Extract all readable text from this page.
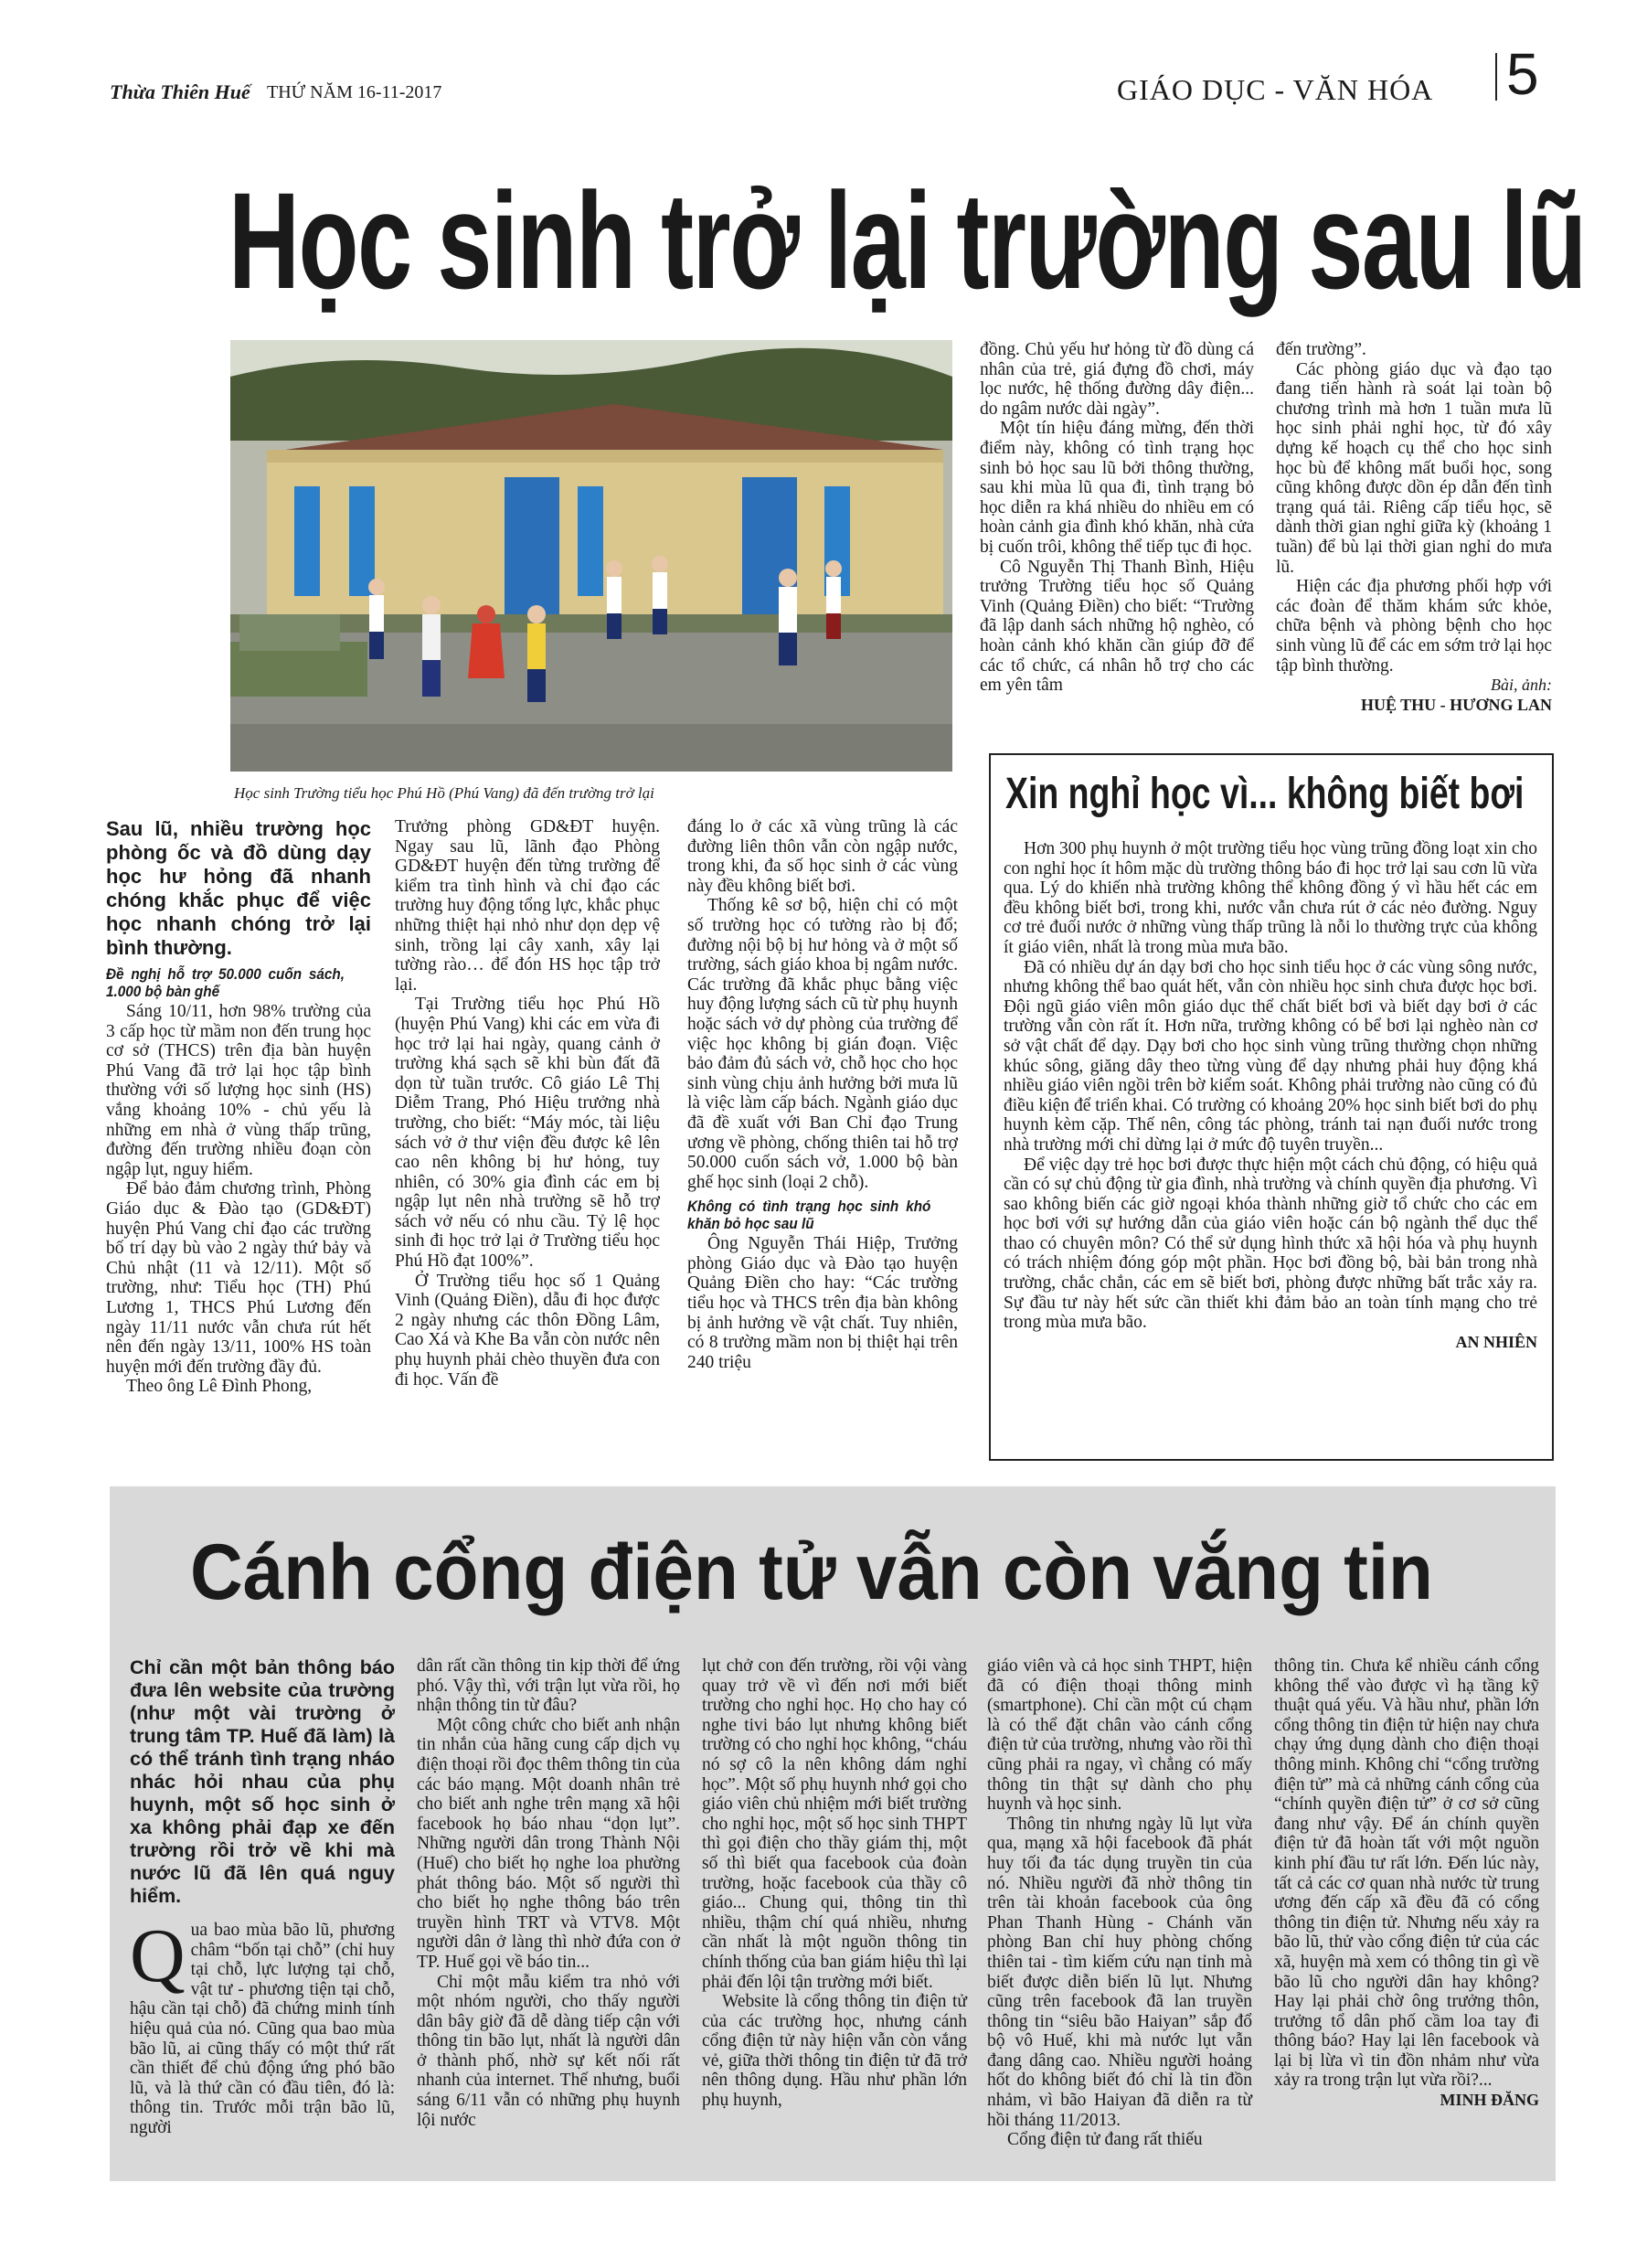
Thừa Thiên Huế THỨ NĂM 16-11-2017	GIÁO DỤC - VĂN HÓA 5
Học sinh trở lại trường sau lũ
Học sinh Trường tiểu học Phú Hồ (Phú Vang) đã đến trường trở lại
Sau lũ, nhiều trường học phòng ốc và đồ dùng dạy học hư hỏng đã nhanh chóng khắc phục để việc học nhanh chóng trở lại bình thường.
Đề nghị hỗ trợ 50.000 cuốn sách, 1.000 bộ bàn ghế

Sáng 10/11, hơn 98% trường của 3 cấp học từ mầm non đến trung học cơ sở (THCS) trên địa bàn huyện Phú Vang đã trở lại học tập bình thường với số lượng học sinh (HS) vắng khoảng 10% - chủ yếu là những em nhà ở vùng thấp trũng, đường đến trường nhiều đoạn còn ngập lụt, nguy hiểm.

Để bảo đảm chương trình, Phòng Giáo dục & Đào tạo (GD&ĐT) huyện Phú Vang chỉ đạo các trường bố trí dạy bù vào 2 ngày thứ bảy và Chủ nhật (11 và 12/11). Một số trường, như: Tiểu học (TH) Phú Lương 1, THCS Phú Lương đến ngày 11/11 nước vẫn chưa rút hết nên đến ngày 13/11, 100% HS toàn huyện mới đến trường đầy đủ.

Theo ông Lê Đình Phong,

Trưởng phòng GD&ĐT huyện. Ngay sau lũ, lãnh đạo Phòng GD&ĐT huyện đến từng trường để kiểm tra tình hình và chỉ đạo các trường huy động tổng lực, khắc phục những thiệt hại nhỏ như dọn dẹp vệ sinh, trồng lại cây xanh, xây lại tường rào… để đón HS học tập trở lại.

Tại Trường tiểu học Phú Hồ (huyện Phú Vang) khi các em vừa đi học trở lại hai ngày, quang cảnh ở trường khá sạch sẽ khi bùn đất đã dọn từ tuần trước. Cô giáo Lê Thị Diễm Trang, Phó Hiệu trưởng nhà trường, cho biết: “Máy móc, tài liệu sách vở ở thư viện đều được kê lên cao nên không bị hư hỏng, tuy nhiên, có 30% gia đình các em bị ngập lụt nên nhà trường sẽ hỗ trợ sách vở nếu có nhu cầu. Tỷ lệ học sinh đi học trở lại ở Trường tiểu học Phú Hồ đạt 100%”.

Ở Trường tiểu học số 1 Quảng Vinh (Quảng Điền), dẫu đi học được 2 ngày nhưng các thôn Đồng Lâm, Cao Xá và Khe Ba vẫn còn nước nên phụ huynh phải chèo thuyền đưa con đi học. Vấn đề

đáng lo ở các xã vùng trũng là các đường liên thôn vẫn còn ngập nước, trong khi, đa số học sinh ở các vùng này đều không biết bơi.

Thống kê sơ bộ, hiện chỉ có một số trường học có tường rào bị đổ; đường nội bộ bị hư hỏng và ở một số trường, sách giáo khoa bị ngâm nước. Các trường đã khắc phục bằng việc huy động lượng sách cũ từ phụ huynh hoặc sách vở dự phòng của trường để việc học không bị gián đoạn. Việc bảo đảm đủ sách vở, chỗ học cho học sinh vùng chịu ảnh hưởng bởi mưa lũ là việc làm cấp bách. Ngành giáo dục đã đề xuất với Ban Chỉ đạo Trung ương về phòng, chống thiên tai hỗ trợ 50.000 cuốn sách vở, 1.000 bộ bàn ghế học sinh (loại 2 chỗ).

Không có tình trạng học sinh khó khăn bỏ học sau lũ

Ông Nguyễn Thái Hiệp, Trưởng phòng Giáo dục và Đào tạo huyện Quảng Điền cho hay: “Các trường tiểu học và THCS trên địa bàn không bị ảnh hưởng về vật chất. Tuy nhiên, có 8 trường mầm non bị thiệt hại trên 240 triệu

đồng. Chủ yếu hư hỏng từ đồ dùng cá nhân của trẻ, giá đựng đồ chơi, máy lọc nước, hệ thống đường dây điện... do ngâm nước dài ngày”.

Một tín hiệu đáng mừng, đến thời điểm này, không có tình trạng học sinh bỏ học sau lũ bởi thông thường, sau khi mùa lũ qua đi, tình trạng bỏ học diễn ra khá nhiều do nhiều em có hoàn cảnh gia đình khó khăn, nhà cửa bị cuốn trôi, không thể tiếp tục đi học.

Cô Nguyễn Thị Thanh Bình, Hiệu trưởng Trường tiểu học số Quảng Vinh (Quảng Điền) cho biết: “Trường đã lập danh sách những hộ nghèo, có hoàn cảnh khó khăn cần giúp đỡ để các tổ chức, cá nhân hỗ trợ cho các em yên tâm

đến trường”.

Các phòng giáo dục và đạo tạo đang tiến hành rà soát lại toàn bộ chương trình mà hơn 1 tuần mưa lũ học sinh phải nghỉ học, từ đó xây dựng kế hoạch cụ thể cho học sinh học bù để không mất buổi học, song cũng không được dồn ép dẫn đến tình trạng quá tải. Riêng cấp tiểu học, sẽ dành thời gian nghỉ giữa kỳ (khoảng 1 tuần) để bù lại thời gian nghỉ do mưa lũ.

Hiện các địa phương phối hợp với các đoàn để thăm khám sức khỏe, chữa bệnh và phòng bệnh cho học sinh vùng lũ để các em sớm trở lại học tập bình thường.

Bài, ảnh:
HUỆ THU - HƯƠNG LAN
Xin nghỉ học vì... không biết bơi

Hơn 300 phụ huynh ở một trường tiểu học vùng trũng đồng loạt xin cho con nghỉ học ít hôm mặc dù trường thông báo đi học trở lại sau cơn lũ vừa qua. Lý do khiến nhà trường không thể không đồng ý vì hầu hết các em đều không biết bơi, trong khi, nước vẫn chưa rút ở các nẻo đường. Nguy cơ trẻ đuối nước ở những vùng thấp trũng là nỗi lo thường trực của không ít giáo viên, nhất là trong mùa mưa bão.

Đã có nhiều dự án dạy bơi cho học sinh tiểu học ở các vùng sông nước, nhưng không thể bao quát hết, vẫn còn nhiều học sinh chưa được học bơi. Đội ngũ giáo viên môn giáo dục thể chất biết bơi và biết dạy bơi ở các trường vẫn còn rất ít. Hơn nữa, trường không có bể bơi lại nghèo nàn cơ sở vật chất để dạy. Dạy bơi cho học sinh vùng trũng thường chọn những khúc sông, giăng dây theo từng vùng để dạy nhưng phải huy động khá nhiều giáo viên ngồi trên bờ kiểm soát. Không phải trường nào cũng có đủ điều kiện để triển khai. Có trường có khoảng 20% học sinh biết bơi do phụ huynh kèm cặp. Thế nên, công tác phòng, tránh tai nạn đuối nước trong nhà trường mới chỉ dừng lại ở mức độ tuyên truyền...

Để việc dạy trẻ học bơi được thực hiện một cách chủ động, có hiệu quả cần có sự chủ động từ gia đình, nhà trường và chính quyền địa phương. Vì sao không biến các giờ ngoại khóa thành những giờ tổ chức cho các em học bơi với sự hướng dẫn của giáo viên hoặc cán bộ ngành thể dục thể thao có chuyên môn? Có thể sử dụng hình thức xã hội hóa và phụ huynh có trách nhiệm đóng góp một phần. Học bơi đồng bộ, bài bản trong nhà trường, chắc chắn, các em sẽ biết bơi, phòng được những bất trắc xảy ra. Sự đầu tư này hết sức cần thiết khi đảm bảo an toàn tính mạng cho trẻ trong mùa mưa bão.

AN NHIÊN
Cánh cổng điện tử vẫn còn vắng tin
Chỉ cần một bản thông báo đưa lên website của trường (như một vài trường ở trung tâm TP. Huế đã làm) là có thể tránh tình trạng nháo nhác hỏi nhau của phụ huynh, một số học sinh ở xa không phải đạp xe đến trường rồi trở về khi mà nước lũ đã lên quá nguy hiểm.

Qua bao mùa bão lũ, phương châm “bốn tại chỗ” (chỉ huy tại chỗ, lực lượng tại chỗ, vật tư - phương tiện tại chỗ, hậu cần tại chỗ) đã chứng minh tính hiệu quả của nó. Cũng qua bao mùa bão lũ, ai cũng thấy có một thứ rất cần thiết để chủ động ứng phó bão lũ, và là thứ cần có đầu tiên, đó là: thông tin. Trước mỗi trận bão lũ, người

dân rất cần thông tin kịp thời để ứng phó. Vậy thì, với trận lụt vừa rồi, họ nhận thông tin từ đâu?

Một công chức cho biết anh nhận tin nhắn của hãng cung cấp dịch vụ điện thoại rồi đọc thêm thông tin của các báo mạng. Một doanh nhân trẻ cho biết anh nghe trên mạng xã hội facebook họ báo nhau “dọn lụt”. Những người dân trong Thành Nội (Huế) cho biết họ nghe loa phường phát thông báo. Một số người thì cho biết họ nghe thông báo trên truyền hình TRT và VTV8. Một người dân ở làng thì nhờ đứa con ở TP. Huế gọi về báo tin...

Chỉ một mẫu kiểm tra nhỏ với một nhóm người, cho thấy người dân bây giờ đã dễ dàng tiếp cận với thông tin bão lụt, nhất là người dân ở thành phố, nhờ sự kết nối rất nhanh của internet. Thế nhưng, buổi sáng 6/11 vẫn có những phụ huynh lội nước

lụt chở con đến trường, rồi vội vàng quay trở về vì đến nơi mới biết trường cho nghỉ học. Họ cho hay có nghe tivi báo lụt nhưng không biết trường có cho nghỉ học không, “cháu nó sợ cô la nên không dám nghỉ học”. Một số phụ huynh nhớ gọi cho giáo viên chủ nhiệm mới biết trường cho nghỉ học, một số học sinh THPT thì gọi điện cho thầy giám thị, một số thì biết qua facebook của đoàn trường, hoặc facebook của thầy cô giáo... Chung qui, thông tin thì nhiều, thậm chí quá nhiều, nhưng cần nhất là một nguồn thông tin chính thống của ban giám hiệu thì lại phải đến lội tận trường mới biết.

Website là cổng thông tin điện tử của các trường học, nhưng cánh cổng điện tử này hiện vẫn còn vắng vẻ, giữa thời thông tin điện tử đã trở nên thông dụng. Hầu như phần lớn phụ huynh,

giáo viên và cả học sinh THPT, hiện đã có điện thoại thông minh (smartphone). Chỉ cần một cú chạm là có thể đặt chân vào cánh cổng điện tử của trường, nhưng vào rồi thì cũng phải ra ngay, vì chẳng có mấy thông tin thật sự dành cho phụ huynh và học sinh.

Thông tin nhưng ngày lũ lụt vừa qua, mạng xã hội facebook đã phát huy tối đa tác dụng truyền tin của nó. Nhiều người đã nhờ thông tin trên tài khoản facebook của ông Phan Thanh Hùng - Chánh văn phòng Ban chỉ huy phòng chống thiên tai - tìm kiếm cứu nạn tỉnh mà biết được diễn biến lũ lụt. Nhưng cũng trên facebook đã lan truyền thông tin “siêu bão Haiyan” sắp đổ bộ vô Huế, khi mà nước lụt vẫn đang dâng cao. Nhiều người hoảng hốt do không biết đó chỉ là tin đồn nhảm, vì bão Haiyan đã diễn ra từ hồi tháng 11/2013.

Cổng điện tử đang rất thiếu

thông tin. Chưa kể nhiều cánh cổng không thể vào được vì hạ tầng kỹ thuật quá yếu. Và hầu như, phần lớn cổng thông tin điện tử hiện nay chưa chạy ứng dụng dành cho điện thoại thông minh. Không chỉ “cổng trường điện tử” mà cả những cánh cổng của “chính quyền điện tử” ở cơ sở cũng đang như vậy. Để án chính quyền điện tử đã hoàn tất với một nguồn kinh phí đầu tư rất lớn. Đến lúc này, tất cả các cơ quan nhà nước từ trung ương đến cấp xã đều đã có cổng thông tin điện tử. Nhưng nếu xảy ra bão lũ, thử vào cổng điện tử của các xã, huyện mà xem có thông tin gì về bão lũ cho người dân hay không? Hay lại phải chờ ông trưởng thôn, trưởng tổ dân phố cầm loa tay đi thông báo? Hay lại lên facebook và lại bị lừa vì tin đồn nhảm như vừa xảy ra trong trận lụt vừa rồi?...

MINH ĐĂNG
